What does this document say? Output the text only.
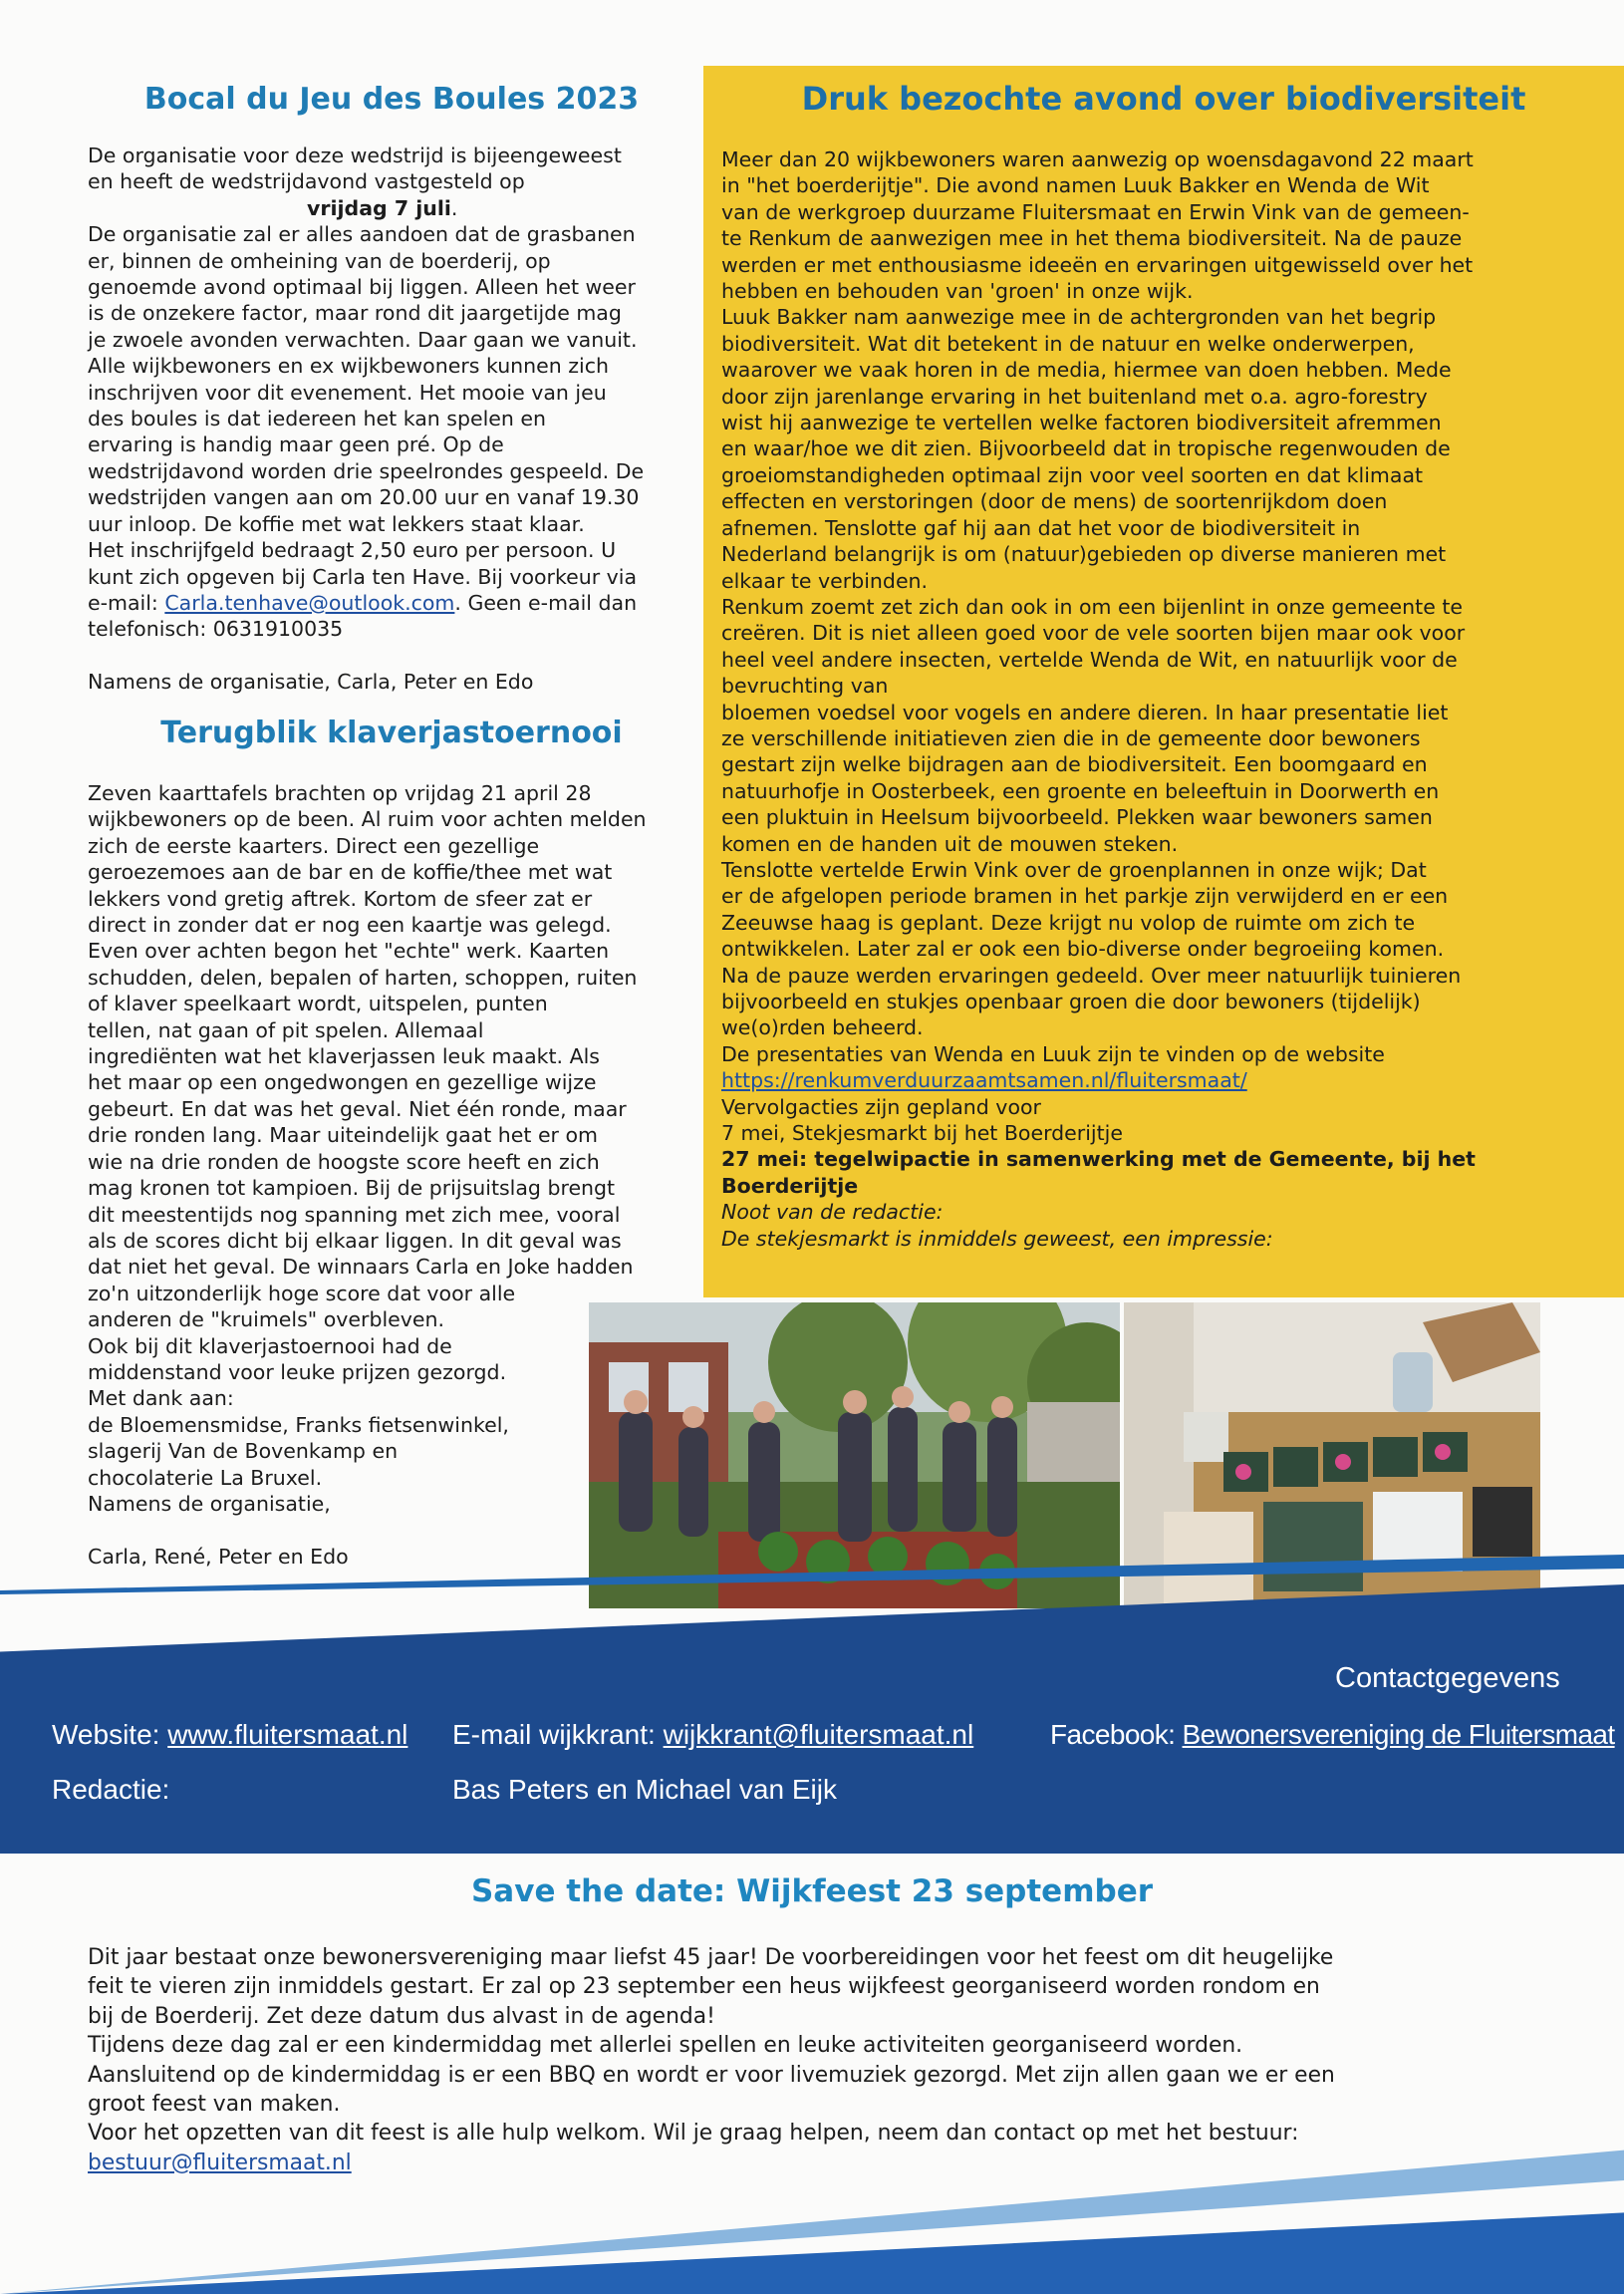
Bocal du Jeu des Boules 2023

De organisatie voor deze wedstrijd is bijeengeweest

en heeft de wedstrijdavond vastgesteld op

vrijdag 7 juli.

De organisatie zal er alles aandoen dat de grasbanen

er, binnen de omheining van de boerderij, op

genoemde avond optimaal bij liggen. Alleen het weer

is de onzekere factor, maar rond dit jaargetijde mag

je zwoele avonden verwachten. Daar gaan we vanuit.

Alle wijkbewoners en ex wijkbewoners kunnen zich

inschrijven voor dit evenement. Het mooie van jeu

des boules is dat iedereen het kan spelen en

ervaring is handig maar geen pré. Op de

wedstrijdavond worden drie speelrondes gespeeld. De

wedstrijden vangen aan om 20.00 uur en vanaf 19.30

uur inloop. De koffie met wat lekkers staat klaar.

Het inschrijfgeld bedraagt 2,50 euro per persoon. U

kunt zich opgeven bij Carla ten Have. Bij voorkeur via

e-mail: Carla.tenhave@outlook.com. Geen e-mail dan

telefonisch: 0631910035

Namens de organisatie, Carla, Peter en Edo

Terugblik klaverjastoernooi

Zeven kaarttafels brachten op vrijdag 21 april 28

wijkbewoners op de been. Al ruim voor achten melden

zich de eerste kaarters. Direct een gezellige

geroezemoes aan de bar en de koffie/thee met wat

lekkers vond gretig aftrek. Kortom de sfeer zat er

direct in zonder dat er nog een kaartje was gelegd.

Even over achten begon het "echte" werk. Kaarten

schudden, delen, bepalen of harten, schoppen, ruiten

of klaver speelkaart wordt, uitspelen, punten

tellen, nat gaan of pit spelen. Allemaal

ingrediënten wat het klaverjassen leuk maakt. Als

het maar op een ongedwongen en gezellige wijze

gebeurt. En dat was het geval. Niet één ronde, maar

drie ronden lang. Maar uiteindelijk gaat het er om

wie na drie ronden de hoogste score heeft en zich

mag kronen tot kampioen. Bij de prijsuitslag brengt

dit meestentijds nog spanning met zich mee, vooral

als de scores dicht bij elkaar liggen. In dit geval was

dat niet het geval. De winnaars Carla en Joke hadden

zo'n uitzonderlijk hoge score dat voor alle

anderen de "kruimels" overbleven.

Ook bij dit klaverjastoernooi had de

middenstand voor leuke prijzen gezorgd.

Met dank aan:

de Bloemensmidse, Franks fietsenwinkel,

slagerij Van de Bovenkamp en

chocolaterie La Bruxel.

Namens de organisatie,

Carla, René, Peter en Edo

Druk bezochte avond over biodiversiteit

Meer dan 20 wijkbewoners waren aanwezig op woensdagavond 22 maart

in "het boerderijtje". Die avond namen Luuk Bakker en Wenda de Wit

van de werkgroep duurzame Fluitersmaat en Erwin Vink van de gemeen-

te Renkum de aanwezigen mee in het thema biodiversiteit. Na de pauze

werden er met enthousiasme ideeën en ervaringen uitgewisseld over het

hebben en behouden van 'groen' in onze wijk.

Luuk Bakker nam aanwezige mee in de achtergronden van het begrip

biodiversiteit. Wat dit betekent in de natuur en welke onderwerpen,

waarover we vaak horen in de media, hiermee van doen hebben. Mede

door zijn jarenlange ervaring in het buitenland met o.a. agro-forestry

wist hij aanwezige te vertellen welke factoren biodiversiteit afremmen

en waar/hoe we dit zien. Bijvoorbeeld dat in tropische regenwouden de

groeiomstandigheden optimaal zijn voor veel soorten en dat klimaat

effecten en verstoringen (door de mens) de soortenrijkdom doen

afnemen. Tenslotte gaf hij aan dat het voor de biodiversiteit in

Nederland belangrijk is om (natuur)gebieden op diverse manieren met

elkaar te verbinden.

Renkum zoemt zet zich dan ook in om een bijenlint in onze gemeente te

creëren. Dit is niet alleen goed voor de vele soorten bijen maar ook voor

heel veel andere insecten, vertelde Wenda de Wit, en natuurlijk voor de

bevruchting van

bloemen voedsel voor vogels en andere dieren. In haar presentatie liet

ze verschillende initiatieven zien die in de gemeente door bewoners

gestart zijn welke bijdragen aan de biodiversiteit. Een boomgaard en

natuurhofje in Oosterbeek, een groente en beleeftuin in Doorwerth en

een pluktuin in Heelsum bijvoorbeeld. Plekken waar bewoners samen

komen en de handen uit de mouwen steken.

Tenslotte vertelde Erwin Vink over de groenplannen in onze wijk; Dat

er de afgelopen periode bramen in het parkje zijn verwijderd en er een

Zeeuwse haag is geplant. Deze krijgt nu volop de ruimte om zich te

ontwikkelen. Later zal er ook een bio-diverse onder begroeiing komen.

Na de pauze werden ervaringen gedeeld. Over meer natuurlijk tuinieren

bijvoorbeeld en stukjes openbaar groen die door bewoners (tijdelijk)

we(o)rden beheerd.

De presentaties van Wenda en Luuk zijn te vinden op de website

https://renkumverduurzaamtsamen.nl/fluitersmaat/

Vervolgacties zijn gepland voor

7 mei, Stekjesmarkt bij het Boerderijtje

27 mei: tegelwipactie in samenwerking met de Gemeente, bij het

Boerderijtje

Noot van de redactie:

De stekjesmarkt is inmiddels geweest, een impressie:

Contactgegevens
Website: www.fluitersmaat.nl E-mail wijkkrant: wijkkrant@fluitersmaat.nl	Facebook: Bewonersvereniging de Fluitersmaat
Redactie:	Bas Peters en Michael van Eijk
Save the date: Wijkfeest 23 september

Dit jaar bestaat onze bewonersvereniging maar liefst 45 jaar! De voorbereidingen voor het feest om dit heugelijke

feit te vieren zijn inmiddels gestart. Er zal op 23 september een heus wijkfeest georganiseerd worden rondom en

bij de Boerderij. Zet deze datum dus alvast in de agenda!

Tijdens deze dag zal er een kindermiddag met allerlei spellen en leuke activiteiten georganiseerd worden.

Aansluitend op de kindermiddag is er een BBQ en wordt er voor livemuziek gezorgd. Met zijn allen gaan we er een

groot feest van maken.

Voor het opzetten van dit feest is alle hulp welkom. Wil je graag helpen, neem dan contact op met het bestuur:

bestuur@fluitersmaat.nl
